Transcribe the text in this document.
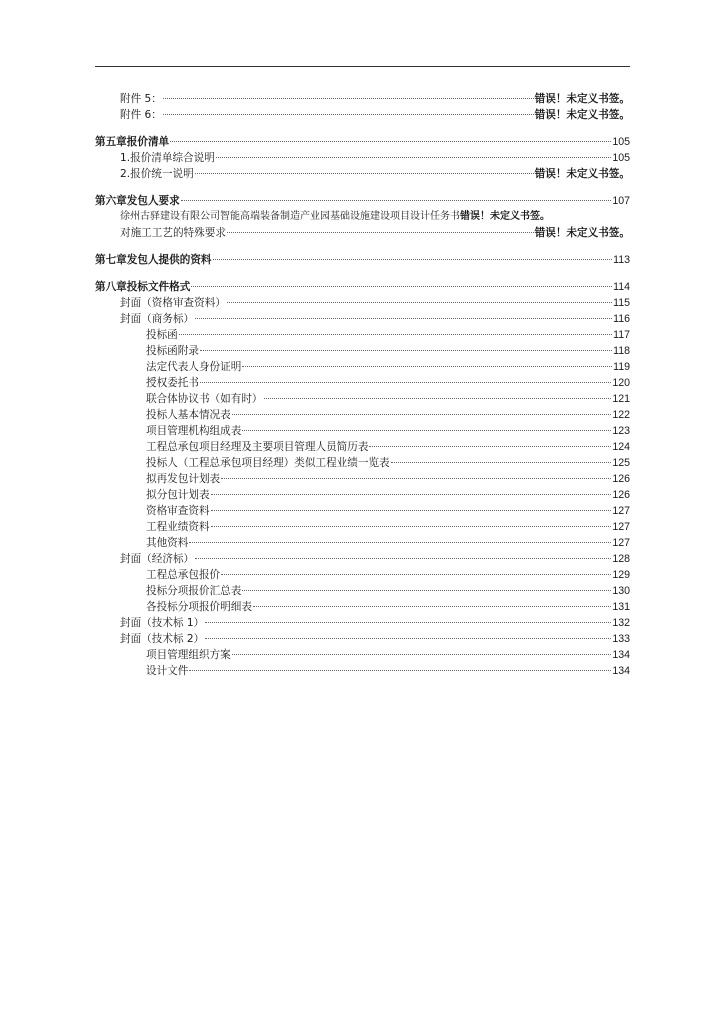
附件 5：	错误！未定义书签。
附件 6：	错误！未定义书签。
第五章报价清单	105
1.报价清单综合说明	105
2.报价统一说明	错误！未定义书签。
第六章发包人要求	107
徐州古驿建设有限公司智能高端装备制造产业园基础设施建设项目设计任务书 错误！未定义书签。
对施工工艺的特殊要求	错误！未定义书签。
第七章发包人提供的资料	113
第八章投标文件格式	114
封面（资格审查资料）	115
封面（商务标）	116
投标函	117
投标函附录	118
法定代表人身份证明	119
授权委托书	120
联合体协议书（如有时）	121
投标人基本情况表	122
项目管理机构组成表	123
工程总承包项目经理及主要项目管理人员简历表	124
投标人（工程总承包项目经理）类似工程业绩一览表	125
拟再发包计划表	126
拟分包计划表	126
资格审查资料	127
工程业绩资料	127
其他资料	127
封面（经济标）	128
工程总承包报价	129
投标分项报价汇总表	130
各投标分项报价明细表	131
封面（技术标 1）	132
封面（技术标 2）	133
项目管理组织方案	134
设计文件	134
